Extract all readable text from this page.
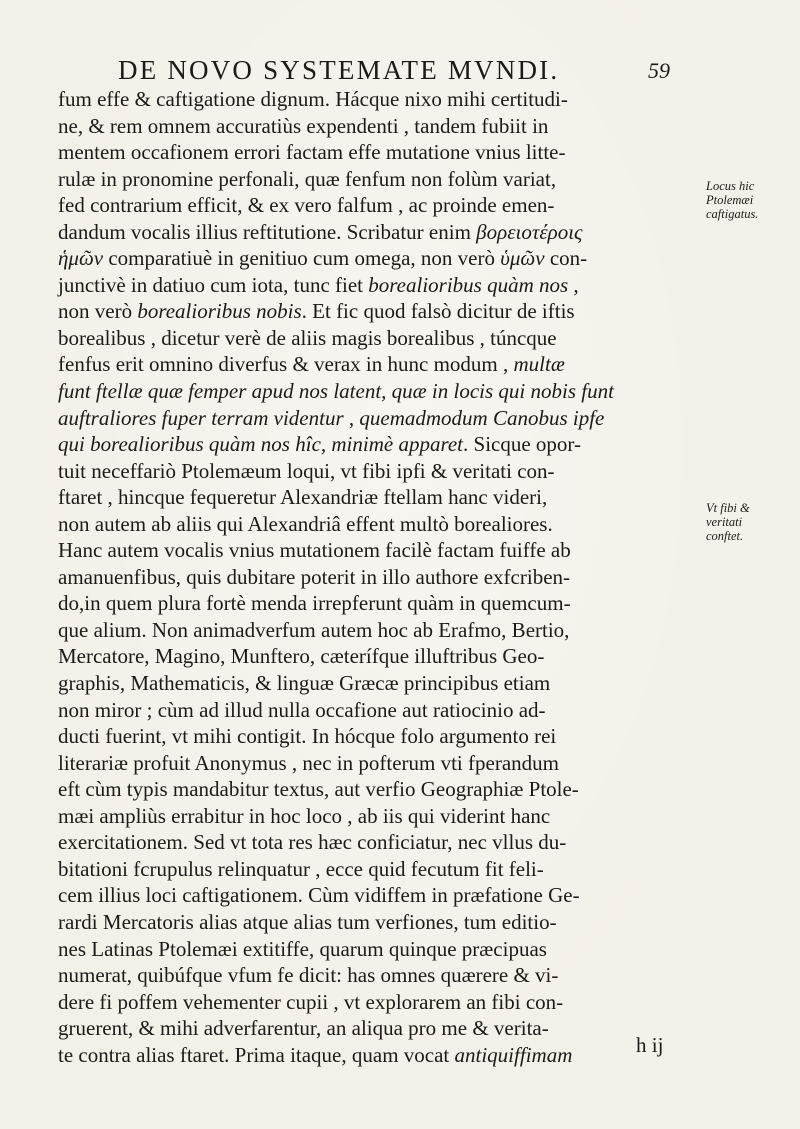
DE NOVO SYSTEMATE MVNDI.	59
fum effe & caftigatione dignum. Hácque nixo mihi certitudi-
ne, & rem omnem accuratiùs expendenti , tandem fubiit in
mentem occafionem errori factam effe mutatione vnius litte-
rulæ in pronomine perfonali, quæ fenfum non folùm variat,
fed contrarium efficit, & ex vero falfum , ac proinde emen-
dandum vocalis illius reftitutione. Scribatur enim βορειοτέροις
ἡμῶν comparatiuè in genitiuo cum omega, non verò ὑμῶν con-
junctivè in datiuo cum iota, tunc fiet borealioribus quàm nos ,
non verò borealioribus nobis. Et fic quod falsò dicitur de iftis
borealibus , dicetur verè de aliis magis borealibus , túncque
fenfus erit omnino diverfus & verax in hunc modum , multæ
funt ftellæ quæ femper apud nos latent, quæ in locis qui nobis funt
auftraliores fuper terram videntur , quemadmodum Canobus ipfe
qui borealioribus quàm nos hîc, minimè apparet. Sicque opor-
tuit neceffariò Ptolemæum loqui, vt fibi ipfi & veritati con-
ftaret , hincque fequeretur Alexandriæ ftellam hanc videri,
non autem ab aliis qui Alexandriâ effent multò borealiores.
Hanc autem vocalis vnius mutationem facilè factam fuiffe ab
amanuenfibus, quis dubitare poterit in illo authore exfcriben-
do,in quem plura fortè menda irrepferunt quàm in quemcum-
que alium. Non animadverfum autem hoc ab Erafmo, Bertio,
Mercatore, Magino, Munftero, cæterífque illuftribus Geo-
graphis, Mathematicis, & linguæ Græcæ principibus etiam
non miror ; cùm ad illud nulla occafione aut ratiocinio ad-
ducti fuerint, vt mihi contigit. In hócque folo argumento rei
literariæ profuit Anonymus , nec in pofterum vti fperandum
eft cùm typis mandabitur textus, aut verfio Geographiæ Ptole-
mæi ampliùs errabitur in hoc loco , ab iis qui viderint hanc
exercitationem. Sed vt tota res hæc conficiatur, nec vllus du-
bitationi fcrupulus relinquatur , ecce quid fecutum fit feli-
cem illius loci caftigationem. Cùm vidiffem in præfatione Ge-
rardi Mercatoris alias atque alias tum verfiones, tum editio-
nes Latinas Ptolemæi extitiffe, quarum quinque præcipuas
numerat, quibúfque vfum fe dicit: has omnes quærere & vi-
dere fi poffem vehementer cupii , vt explorarem an fibi con-
gruerent, & mihi adverfarentur, an aliqua pro me & verita-
te contra alias ftaret. Prima itaque, quam vocat antiquiffimam
Locus hic
Ptolemæi
caftigatus.
Vt fibi &
veritati
conftet.
h ij
